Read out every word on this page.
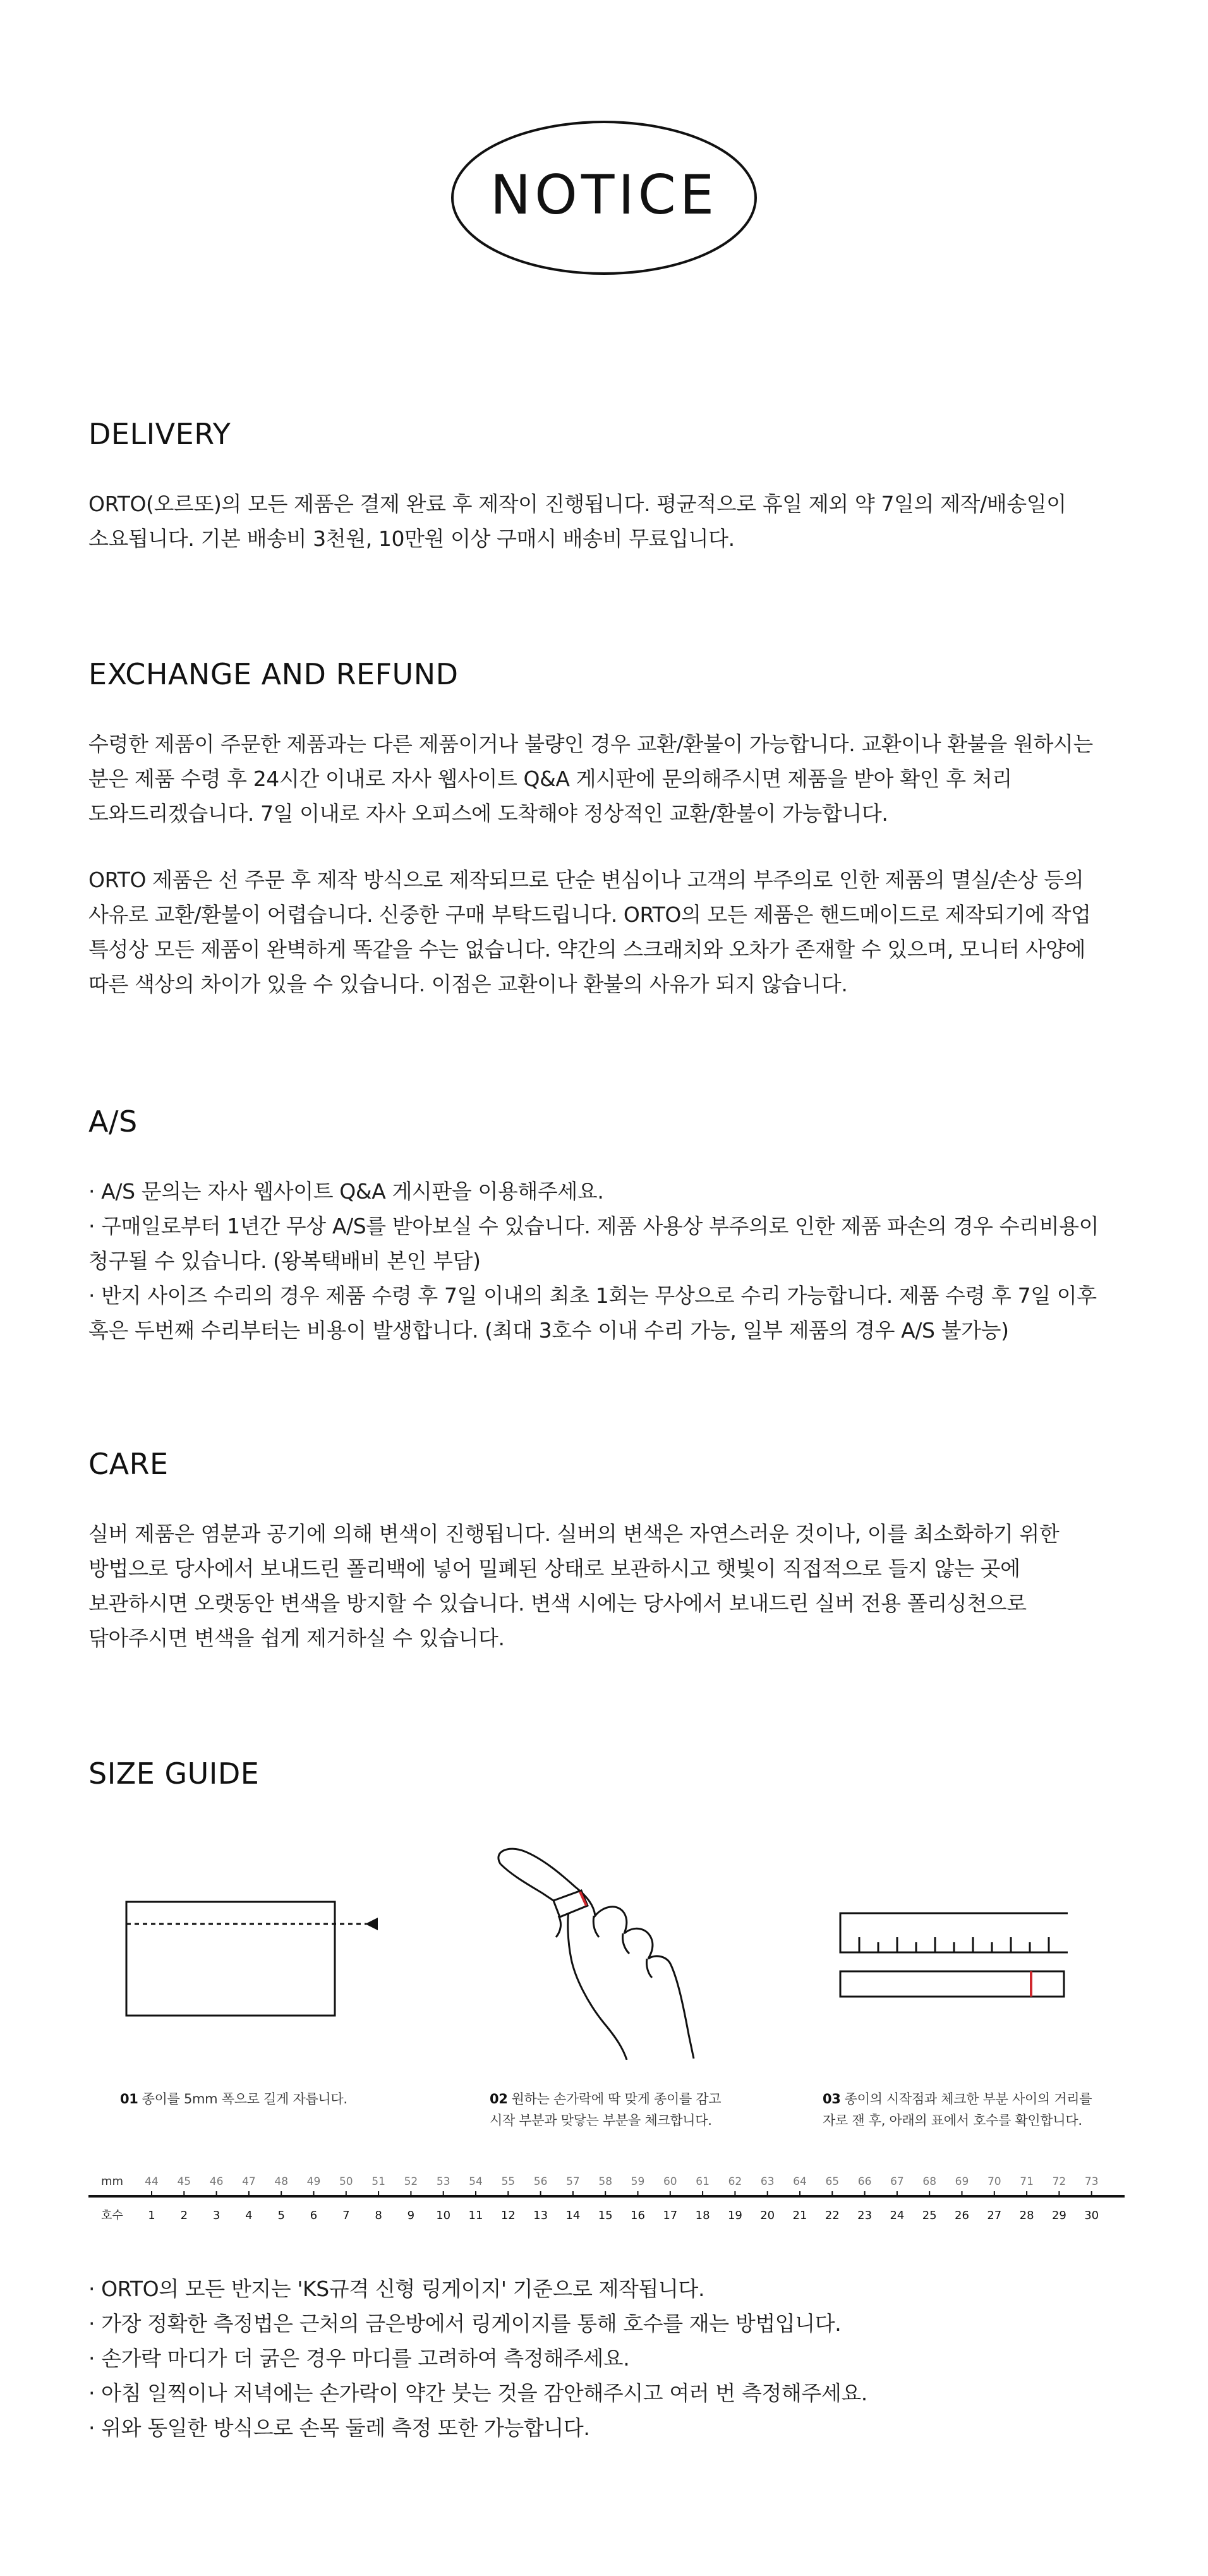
NOTICE
DELIVERY
ORTO(오르또)의 모든 제품은 결제 완료 후 제작이 진행됩니다. 평균적으로 휴일 제외 약 7일의 제작/배송일이
소요됩니다. 기본 배송비 3천원, 10만원 이상 구매시 배송비 무료입니다.
EXCHANGE AND REFUND
수령한 제품이 주문한 제품과는 다른 제품이거나 불량인 경우 교환/환불이 가능합니다. 교환이나 환불을 원하시는
분은 제품 수령 후 24시간 이내로 자사 웹사이트 Q&A 게시판에 문의해주시면 제품을 받아 확인 후 처리
도와드리겠습니다. 7일 이내로 자사 오피스에 도착해야 정상적인 교환/환불이 가능합니다.
ORTO 제품은 선 주문 후 제작 방식으로 제작되므로 단순 변심이나 고객의 부주의로 인한 제품의 멸실/손상 등의
사유로 교환/환불이 어렵습니다. 신중한 구매 부탁드립니다. ORTO의 모든 제품은 핸드메이드로 제작되기에 작업
특성상 모든 제품이 완벽하게 똑같을 수는 없습니다. 약간의 스크래치와 오차가 존재할 수 있으며, 모니터 사양에
따른 색상의 차이가 있을 수 있습니다. 이점은 교환이나 환불의 사유가 되지 않습니다.
A/S
· A/S 문의는 자사 웹사이트 Q&A 게시판을 이용해주세요.
· 구매일로부터 1년간 무상 A/S를 받아보실 수 있습니다. 제품 사용상 부주의로 인한 제품 파손의 경우 수리비용이
청구될 수 있습니다. (왕복택배비 본인 부담)
· 반지 사이즈 수리의 경우 제품 수령 후 7일 이내의 최초 1회는 무상으로 수리 가능합니다. 제품 수령 후 7일 이후
혹은 두번째 수리부터는 비용이 발생합니다. (최대 3호수 이내 수리 가능, 일부 제품의 경우 A/S 불가능)
CARE
실버 제품은 염분과 공기에 의해 변색이 진행됩니다. 실버의 변색은 자연스러운 것이나, 이를 최소화하기 위한
방법으로 당사에서 보내드린 폴리백에 넣어 밀폐된 상태로 보관하시고 햇빛이 직접적으로 들지 않는 곳에
보관하시면 오랫동안 변색을 방지할 수 있습니다. 변색 시에는 당사에서 보내드린 실버 전용 폴리싱천으로
닦아주시면 변색을 쉽게 제거하실 수 있습니다.
SIZE GUIDE
01 종이를 5mm 폭으로 길게 자릅니다.	02 원하는 손가락에 딱 맞게 종이를 감고
시작 부분과 맞닿는 부분을 체크합니다.
03 종이의 시작점과 체크한 부분 사이의 거리를
자로 잰 후, 아래의 표에서 호수를 확인합니다.
mm
호수
44
1
45
2
46
3
47
4
48
5
49
6
50
7
51
8
52
9
53
10
54
11
55
12
56
13
57
14
58
15
59
16
60
17
61
18
62
19
63
20
64
21
65
22
66
23
67
24
68
25
69
26
70
27
71
28
72
29
73
30
· ORTO의 모든 반지는 'KS규격 신형 링게이지' 기준으로 제작됩니다.
· 가장 정확한 측정법은 근처의 금은방에서 링게이지를 통해 호수를 재는 방법입니다.
· 손가락 마디가 더 굵은 경우 마디를 고려하여 측정해주세요.
· 아침 일찍이나 저녁에는 손가락이 약간 붓는 것을 감안해주시고 여러 번 측정해주세요.
· 위와 동일한 방식으로 손목 둘레 측정 또한 가능합니다.
